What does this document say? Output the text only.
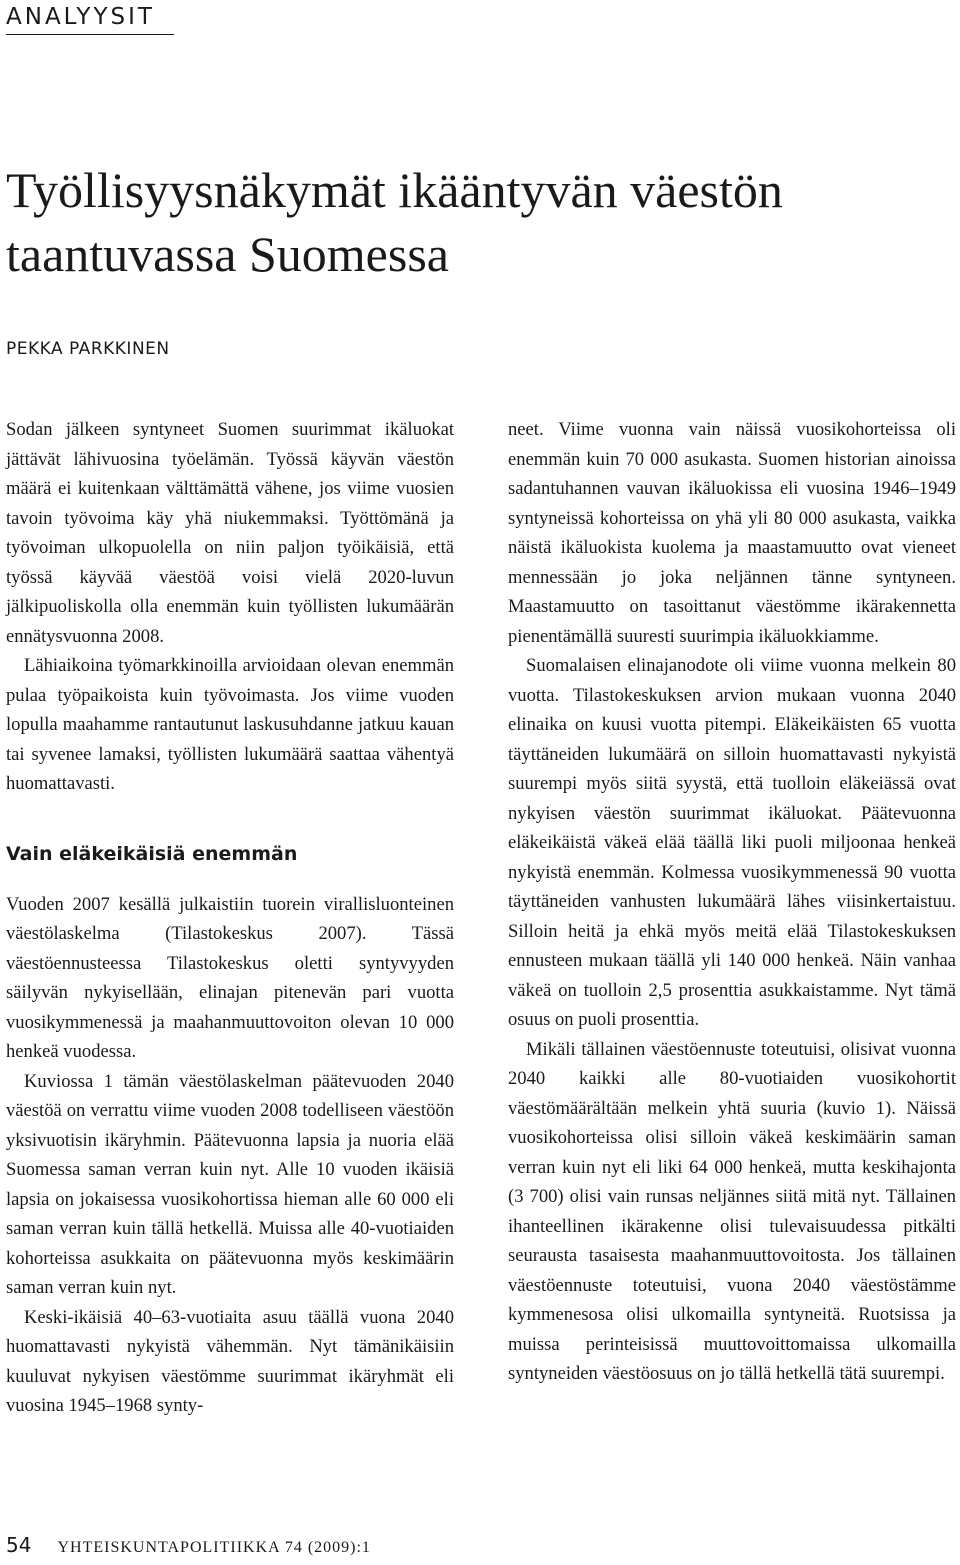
ANALYYSIT
Työllisyysnäkymät ikääntyvän väestön taantuvassa Suomessa
PEKKA PARKKINEN

Sodan jälkeen syntyneet Suomen suurimmat ikäluokat jättävät lähivuosina työelämän. Työssä käyvän väestön määrä ei kuitenkaan välttämättä vähene, jos viime vuosien tavoin työvoima käy yhä niukemmaksi. Työttömänä ja työvoiman ulkopuolella on niin paljon työikäisiä, että työssä käyvää väestöä voisi vielä 2020-luvun jälkipuoliskolla olla enemmän kuin työllisten lukumäärän ennätysvuonna 2008.

Lähiaikoina työmarkkinoilla arvioidaan olevan enemmän pulaa työpaikoista kuin työvoimasta. Jos viime vuoden lopulla maahamme rantautunut laskusuhdanne jatkuu kauan tai syvenee lamaksi, työllisten lukumäärä saattaa vähentyä huomattavasti.

Vain eläkeikäisiä enemmän

Vuoden 2007 kesällä julkaistiin tuorein virallisluonteinen väestölaskelma (Tilastokeskus 2007). Tässä väestöennusteessa Tilastokeskus oletti syntyvyyden säilyvän nykyisellään, elinajan pitenevän pari vuotta vuosikymmenessä ja maahanmuuttovoiton olevan 10 000 henkeä vuodessa.

Kuviossa 1 tämän väestölaskelman päätevuoden 2040 väestöä on verrattu viime vuoden 2008 todelliseen väestöön yksivuotisin ikäryhmin. Päätevuonna lapsia ja nuoria elää Suomessa saman verran kuin nyt. Alle 10 vuoden ikäisiä lapsia on jokaisessa vuosikohortissa hieman alle 60 000 eli saman verran kuin tällä hetkellä. Muissa alle 40-vuotiaiden kohorteissa asukkaita on päätevuonna myös keskimäärin saman verran kuin nyt.

Keski-ikäisiä 40–63-vuotiaita asuu täällä vuona 2040 huomattavasti nykyistä vähemmän. Nyt tämänikäisiin kuuluvat nykyisen väestömme suurimmat ikäryhmät eli vuosina 1945–1968 synty-

neet. Viime vuonna vain näissä vuosikohorteissa oli enemmän kuin 70 000 asukasta. Suomen historian ainoissa sadantuhannen vauvan ikäluokissa eli vuosina 1946–1949 syntyneissä kohorteissa on yhä yli 80 000 asukasta, vaikka näistä ikäluokista kuolema ja maastamuutto ovat vieneet mennessään jo joka neljännen tänne syntyneen. Maastamuutto on tasoittanut väestömme ikärakennetta pienentämällä suuresti suurimpia ikäluokkiamme.

Suomalaisen elinajanodote oli viime vuonna melkein 80 vuotta. Tilastokeskuksen arvion mukaan vuonna 2040 elinaika on kuusi vuotta pitempi. Eläkeikäisten 65 vuotta täyttäneiden lukumäärä on silloin huomattavasti nykyistä suurempi myös siitä syystä, että tuolloin eläkeiässä ovat nykyisen väestön suurimmat ikäluokat. Päätevuonna eläkeikäistä väkeä elää täällä liki puoli miljoonaa henkeä nykyistä enemmän. Kolmessa vuosikymmenessä 90 vuotta täyttäneiden vanhusten lukumäärä lähes viisinkertaistuu. Silloin heitä ja ehkä myös meitä elää Tilastokeskuksen ennusteen mukaan täällä yli 140 000 henkeä. Näin vanhaa väkeä on tuolloin 2,5 prosenttia asukkaistamme. Nyt tämä osuus on puoli prosenttia.

Mikäli tällainen väestöennuste toteutuisi, olisivat vuonna 2040 kaikki alle 80-vuotiaiden vuosikohortit väestömäärältään melkein yhtä suuria (kuvio 1). Näissä vuosikohorteissa olisi silloin väkeä keskimäärin saman verran kuin nyt eli liki 64 000 henkeä, mutta keskihajonta (3 700) olisi vain runsas neljännes siitä mitä nyt. Tällainen ihanteellinen ikärakenne olisi tulevaisuudessa pitkälti seurausta tasaisesta maahanmuuttovoitosta. Jos tällainen väestöennuste toteutuisi, vuona 2040 väestöstämme kymmenesosa olisi ulkomailla syntyneitä. Ruotsissa ja muissa perinteisissä muuttovoittomaissa ulkomailla syntyneiden väestöosuus on jo tällä hetkellä tätä suurempi.

54 YHTEISKUNTAPOLITIIKKA 74 (2009):1
